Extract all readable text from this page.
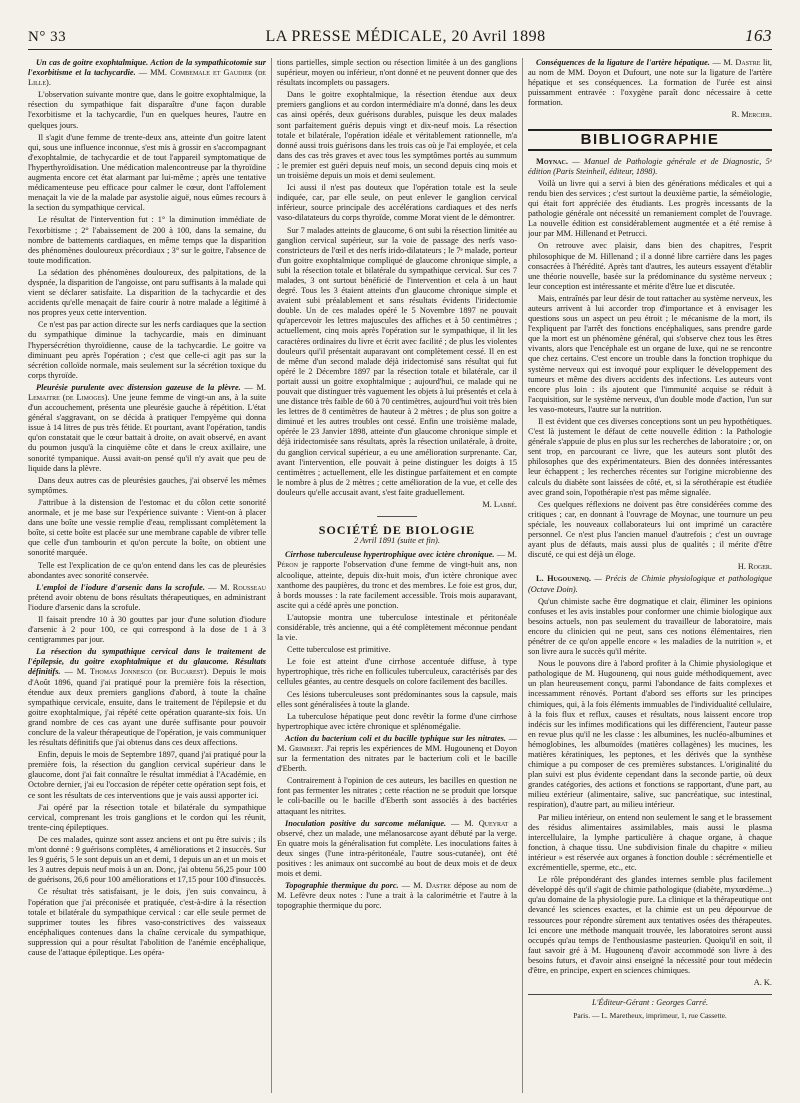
N° 33	LA PRESSE MÉDICALE, 20 Avril 1898	163

Un cas de goitre exophtalmique. Action de la sympathicotomie sur l'exorbitisme et la tachycardie. — MM. Combemale et Gaudier (de Lille).

L'observation suivante montre que, dans le goitre exophtalmique, la résection du sympathique fait disparaître d'une façon durable l'exorbitisme et la tachycardie, l'un en quelques heures, l'autre en quelques jours.

Il s'agit d'une femme de trente-deux ans, atteinte d'un goitre latent qui, sous une influence inconnue, s'est mis à grossir en s'accompagnant d'exophtalmie, de tachycardie et de tout l'appareil symptomatique de l'hyperthyroïdisation. Une médication malencontreuse par la thyroïdine augmenta encore cet état alarmant par lui-même ; après une tentative médicamenteuse peu efficace pour calmer le cœur, dont l'affolement menaçait la vie de la malade par asystolie aiguë, nous eûmes recours à la section du sympathique cervical.

Le résultat de l'intervention fut : 1° la diminution immédiate de l'exorbitisme ; 2° l'abaissement de 200 à 100, dans la semaine, du nombre de battements cardiaques, en même temps que la disparition des phénomènes douloureux précordiaux ; 3° sur le goitre, l'absence de toute modification.

La sédation des phénomènes douloureux, des palpitations, de la dyspnée, la disparition de l'angoisse, ont paru suffisants à la malade qui vient se déclarer satisfaite. La disparition de la tachycardie et des accidents qu'elle menaçait de faire courir à notre malade a légitimé à nos propres yeux cette intervention.

Ce n'est pas par action directe sur les nerfs cardiaques que la section du sympathique diminue la tachycardie, mais en diminuant l'hypersécrétion thyroïdienne, cause de la tachycardie. Le goitre va diminuant peu après l'opération ; c'est que celle-ci agit pas sur la sécrétion colloïde normale, mais seulement sur la sécrétion toxique du corps thyroïde.

Pleurésie purulente avec distension gazeuse de la plèvre. — M. Lemaitre (de Limoges). Une jeune femme de vingt-un ans, à la suite d'un accouchement, présenta une pleurésie gauche à répétition. L'état général s'aggravant, on se décida à pratiquer l'empyème qui donna issue à 14 litres de pus très fétide. Et pourtant, avant l'opération, tandis qu'on constatait que le cœur battait à droite, on avait observé, en avant du poumon jusqu'à la cinquième côte et dans le creux axillaire, une sonorité tympanique. Aussi avait-on pensé qu'il n'y avait que peu de liquide dans la plèvre.

Dans deux autres cas de pleurésies gauches, j'ai observé les mêmes symptômes.

J'attribue à la distension de l'estomac et du côlon cette sonorité anormale, et je me base sur l'expérience suivante : Vient-on à placer dans une boîte une vessie remplie d'eau, remplissant complètement la boîte, si cette boîte est placée sur une membrane capable de vibrer telle que celle d'un tambourin et qu'on percute la boîte, on obtient une sonorité marquée.

Telle est l'explication de ce qu'on entend dans les cas de pleurésies abondantes avec sonorité conservée.

L'emploi de l'iodure d'arsenic dans la scrofule. — M. Rousseau prétend avoir obtenu de bons résultats thérapeutiques, en administrant l'iodure d'arsenic dans la scrofule.

Il faisait prendre 10 à 30 gouttes par jour d'une solution d'iodure d'arsenic à 2 pour 100, ce qui correspond à la dose de 1 à 3 centigrammes par jour.

La résection du sympathique cervical dans le traitement de l'épilepsie, du goitre exophtalmique et du glaucome. Résultats définitifs. — M. Thomas Jonnesco (de Bucarest). Depuis le mois d'Août 1896, quand j'ai pratiqué pour la première fois la résection, étendue aux deux premiers ganglions d'abord, à toute la chaîne sympathique cervicale, ensuite, dans le traitement de l'épilepsie et du goitre exophtalmique, j'ai répété cette opération quarante-six fois. Un grand nombre de ces cas ayant une durée suffisante pour pouvoir conclure de la valeur thérapeutique de l'opération, je vais communiquer les résultats définitifs que j'ai obtenus dans ces deux affections.

Enfin, depuis le mois de Septembre 1897, quand j'ai pratiqué pour la première fois, la résection du ganglion cervical supérieur dans le glaucome, dont j'ai fait connaître le résultat immédiat à l'Académie, en Octobre dernier, j'ai eu l'occasion de répéter cette opération sept fois, et ce sont les résultats de ces interventions que je vais aussi apporter ici.

J'ai opéré par la résection totale et bilatérale du sympathique cervical, comprenant les trois ganglions et le cordon qui les réunit, trente-cinq épileptiques.

De ces malades, quinze sont assez anciens et ont pu être suivis ; ils m'ont donné : 9 guérisons complètes, 4 améliorations et 2 insuccès. Sur les 9 guéris, 5 le sont depuis un an et demi, 1 depuis un an et un mois et les 3 autres depuis neuf mois à un an. Donc, j'ai obtenu 56,25 pour 100 de guérisons, 26,6 pour 100 améliorations et 17,15 pour 100 d'insuccès.

Ce résultat très satisfaisant, je le dois, j'en suis convaincu, à l'opération que j'ai préconisée et pratiquée, c'est-à-dire à la résection totale et bilatérale du sympathique cervical : car elle seule permet de supprimer toutes les fibres vaso-constrictives des vaisseaux encéphaliques contenues dans la chaîne cervicale du sympathique, suppression qui a pour résultat l'abolition de l'anémie encéphalique, cause de l'attaque épileptique. Les opéra-

tions partielles, simple section ou résection limitée à un des ganglions supérieur, moyen ou inférieur, n'ont donné et ne peuvent donner que des résultats incomplets ou passagers.

Dans le goitre exophtalmique, la résection étendue aux deux premiers ganglions et au cordon intermédiaire m'a donné, dans les deux cas ainsi opérés, deux guérisons durables, puisque les deux malades sont parfaitement guéris depuis vingt et dix-neuf mois. La résection totale et bilatérale, l'opération idéale et véritablement rationnelle, m'a donné aussi trois guérisons dans les trois cas où je l'ai employée, et cela dans des cas très graves et avec tous les symptômes portés au summum ; le premier est guéri depuis neuf mois, un second depuis cinq mois et un troisième depuis un mois et demi seulement.

Ici aussi il n'est pas douteux que l'opération totale est la seule indiquée, car, par elle seule, on peut enlever le ganglion cervical inférieur, source principale des accélérations cardiaques et des nerfs vaso-dilatateurs du corps thyroïde, comme Morat vient de le démontrer.

Sur 7 malades atteints de glaucome, 6 ont subi la résection limitée au ganglion cervical supérieur, sur la voie de passage des nerfs vaso-constricteurs de l'œil et des nerfs irido-dilatateurs ; le 7ᵉ malade, porteur d'un goitre exophtalmique compliqué de glaucome chronique simple, a subi la résection totale et bilatérale du sympathique cervical. Sur ces 7 malades, 3 ont surtout bénéficié de l'intervention et cela à un haut degré. Tous les 3 étaient atteints d'un glaucome chronique simple et avaient subi préalablement et sans résultats évidents l'iridectomie double. Un de ces malades opéré le 5 Novembre 1897 ne pouvait qu'apercevoir les lettres majuscules des affiches et à 50 centimètres ; actuellement, cinq mois après l'opération sur le sympathique, il lit les caractères ordinaires du livre et écrit avec facilité ; de plus les violentes douleurs qui'il présentait auparavant ont complètement cessé. Il en est de même d'un second malade déjà iridectomisé sans résultat qui fut opéré le 2 Décembre 1897 par la résection totale et bilatérale, car il portait aussi un goitre exophtalmique ; aujourd'hui, ce malade qui ne pouvait que distinguer très vaguement les objets à lui présentés et cela à une distance très faible de 60 à 70 centimètres, aujourd'hui voit très bien les lettres de 8 centimètres de hauteur à 2 mètres ; de plus son goitre a diminué et les autres troubles ont cessé. Enfin une troisième malade, opérée le 23 Janvier 1898, atteinte d'un glaucome chronique simple et déjà iridectomisée sans résultats, après la résection unilatérale, à droite, du ganglion cervical supérieur, a eu une amélioration surprenante. Car, avant l'intervention, elle pouvait à peine distinguer les doigts à 15 centimètres ; actuellement, elle les distingue parfaitement et en compte le nombre à plus de 2 mètres ; cette amélioration de la vue, et celle des douleurs qu'elle accusait avant, s'est faite graduellement.

M. Labbé.

SOCIÉTÉ DE BIOLOGIE
2 Avril 1891 (suite et fin).

Cirrhose tuberculeuse hypertrophique avec ictère chronique. — M. Péron je rapporte l'observation d'une femme de vingt-huit ans, non alcoolique, atteinte, depuis dix-huit mois, d'un ictère chronique avec xanthome des paupières, du tronc et des membres. Le foie est gros, dur, à bords mousses : la rate facilement accessible. Trois mois auparavant, ascite qui a cédé après une ponction.

L'autopsie montra une tuberculose intestinale et péritonéale considérable, très ancienne, qui a été complètement méconnue pendant la vie.

Cette tuberculose est primitive.

Le foie est atteint d'une cirrhose accentuée diffuse, à type hypertrophique, très riche en follicules tuberculeux, caractérisés par des cellules géantes, au centre desquels on colore facilement des bacilles.

Ces lésions tuberculeuses sont prédominantes sous la capsule, mais elles sont généralisées à toute la glande.

La tuberculose hépatique peut donc revêtir la forme d'une cirrhose hypertrophique avec ictère chronique et splénomégalie.

Action du bacterium coli et du bacille typhique sur les nitrates. — M. Grimbert. J'ai repris les expériences de MM. Hugounenq et Doyon sur la fermentation des nitrates par le bacterium coli et le bacille d'Eberth.

Contrairement à l'opinion de ces auteurs, les bacilles en question ne font pas fermenter les nitrates ; cette réaction ne se produit que lorsque le coli-bacille ou le bacille d'Eberth sont associés à des bactéries attaquant les nitrites.

Inoculation positive du sarcome mélanique. — M. Queyrat a observé, chez un malade, une mélanosarcose ayant débuté par la verge. En quatre mois la généralisation fut complète. Les inoculations faites à deux singes (l'une intra-péritonéale, l'autre sous-cutanée), ont été positives : les animaux ont succombé au bout de deux mois et de deux mois et demi.

Topographie thermique du porc. — M. Dastre dépose au nom de M. Lefèvre deux notes : l'une a trait à la calorimétrie et l'autre à la topographie thermique du porc.

Conséquences de la ligature de l'artère hépatique. — M. Dastre lit, au nom de MM. Doyon et Dufourt, une note sur la ligature de l'artère hépatique et ses conséquences. La formation de l'urée est ainsi puissamment entravée : l'oxygène paraît donc nécessaire à cette formation.

R. Mercier.

BIBLIOGRAPHIE

Moynac. — Manuel de Pathologie générale et de Diagnostic, 5ᵉ édition (Paris Steinheil, éditeur, 1898).

Voilà un livre qui a servi à bien des générations médicales et qui a rendu bien des services ; c'est surtout la deuxième partie, la séméiologie, qui était fort appréciée des étudiants. Les progrès incessants de la pathologie générale ont nécessité un remaniement complet de l'ouvrage. La nouvelle édition est considérablement augmentée et a été remise à jour par MM. Hillenand et Petrucci.

On retrouve avec plaisir, dans bien des chapitres, l'esprit philosophique de M. Hillenand ; il a donné libre carrière dans les pages consacrées à l'hérédité. Après tant d'autres, les auteurs essayent d'établir une théorie nouvelle, basée sur la prédominance du système nerveux ; leur conception est intéressante et mérite d'être lue et discutée.

Mais, entraînés par leur désir de tout rattacher au système nerveux, les auteurs arrivent à lui accorder trop d'importance et à envisager les questions sous un aspect un peu étroit ; le mécanisme de la mort, ils l'expliquent par l'arrêt des fonctions encéphaliques, sans prendre garde que la mort est un phénomène général, qui s'observe chez tous les êtres vivants, alors que l'encéphale est un organe de luxe, qui ne se rencontre que chez certains. C'est encore un trouble dans la fonction trophique du système nerveux qui est invoqué pour expliquer le développement des tumeurs et même des divers accidents des infections. Les auteurs vont encore plus loin : ils ajoutent que l'immunité acquise se réduit à l'acquisition, sur le système nerveux, d'un double mode d'action, l'un sur les vaso-moteurs, l'autre sur la nutrition.

Il est évident que ces diverses conceptions sont un peu hypothétiques. C'est là justement le défaut de cette nouvelle édition : la Pathologie générale s'appuie de plus en plus sur les recherches de laboratoire ; or, on sent trop, en parcourant ce livre, que les auteurs sont plutôt des philosophes que des expérimentateurs. Bien des données intéressantes leur échappent ; les recherches récentes sur l'origine microbienne des calculs du diabète sont laissées de côté, et, si la sérothérapie est étudiée avec grand soin, l'opothérapie n'est pas même signalée.

Ces quelques réflexions ne doivent pas être considérées comme des critiques ; car, en donnant à l'ouvrage de Moynac, une tournure un peu spéciale, les nouveaux collaborateurs lui ont imprimé un caractère personnel. Ce n'est plus l'ancien manuel d'autrefois ; c'est un ouvrage ayant plus de défauts, mais aussi plus de qualités ; il mérite d'être discuté, ce qui est déjà un éloge.

H. Roger.

L. Hugounenq. — Précis de Chimie physiologique et pathologique (Octave Doin).

Qu'un chimiste sache être dogmatique et clair, éliminer les opinions confuses et les avis instables pour conformer une chimie biologique aux besoins actuels, non pas seulement du travailleur de laboratoire, mais encore du clinicien qui ne peut, sans ces notions élémentaires, rien pénétrer de ce qu'on appelle encore « les maladies de la nutrition », et son livre aura le succès qu'il mérite.

Nous le pouvons dire à l'abord profiter à la Chimie physiologique et pathologique de M. Hugounenq, qui nous guide méthodiquement, avec un plan heureusement conçu, parmi l'abondance de faits complexes et incessamment rénovés. Portant d'abord ses efforts sur les principes chimiques, qui, à la fois éléments immuables de l'individualité cellulaire, à la fois flux et reflux, causes et résultats, nous laissent encore trop indécis sur les infimes modifications qui les différencient, l'auteur passe en revue plus qu'il ne les classe : les albumines, les nucléo-albumines et hémoglobines, les albumoïdes (matières collagènes) les mucines, les matières kératiniques, les peptones, et les dérivés que la synthèse chimique a pu composer de ces premières substances. L'originalité du plan suivi est plus évidente cependant dans la seconde partie, où deux grandes catégories, des actions et fonctions se rapportant, d'une part, au milieu extérieur (alimentaire, salive, suc pancréatique, suc intestinal, respiration), d'autre part, au milieu intérieur.

Par milieu intérieur, on entend non seulement le sang et le brassement des résidus alimentaires assimilables, mais aussi le plasma intercellulaire, la lymphe particulière à chaque organe, à chaque fonction, à chaque tissu. Une subdivision finale du chapitre « milieu intérieur » est réservée aux organes à fonction double : sécrémentielle et excrémentielle, sperme, etc., etc.

Le rôle prépondérant des glandes internes semble plus facilement développé dès qu'il s'agit de chimie pathologique (diabète, myxœdème...) qu'au domaine de la physiologie pure. La clinique et la thérapeutique ont devancé les sciences exactes, et la chimie est un peu dépourvue de ressources pour répondre sûrement aux tentatives osées des thérapeutes. Ici encore une méthode manquait trouvée, les laboratoires seront aussi occupés qu'au temps de l'enthousiasme pasteurien. Quoiqu'il en soit, il faut savoir gré à M. Hugounenq d'avoir accommodé son livre à des besoins futurs, et d'avoir ainsi enseigné la nécessité pour tout médecin d'être, en principe, expert en sciences chimiques.

A. K.

L'Éditeur-Gérant : Georges Carré.
Paris. — L. Maretheux, imprimeur, 1, rue Cassette.
